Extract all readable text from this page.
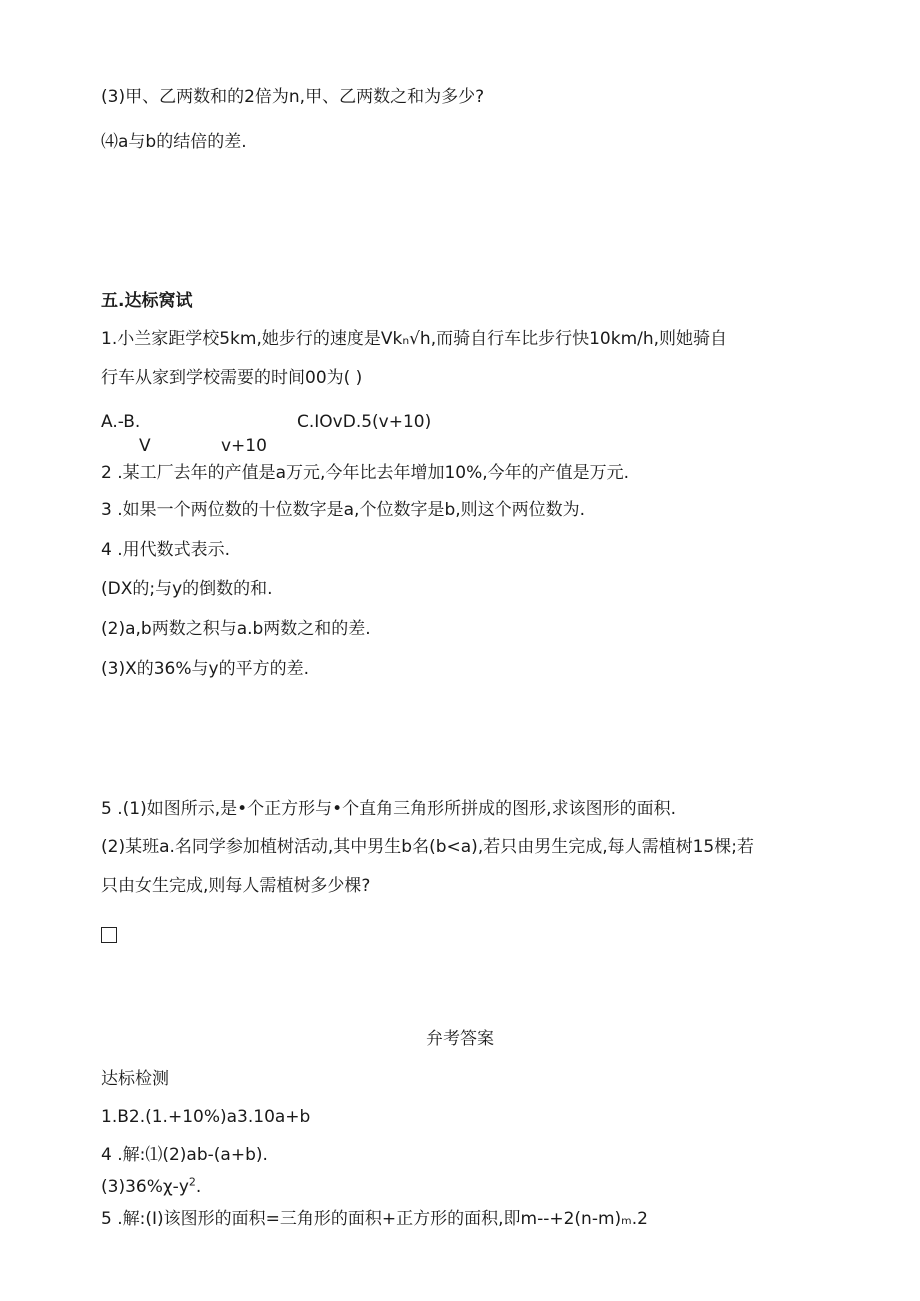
(3)甲、乙两数和的2倍为n,甲、乙两数之和为多少?
⑷a与b的结倍的差.
五.达标窝试
1.小兰家距学校5km,她步行的速度是Vkₙ√h,而骑自行车比步行快10km/h,则她骑自
行车从家到学校需要的时间00为( )
A.-B.	C.IOvD.5(v+10)
V	v+10
2 .某工厂去年的产值是a万元,今年比去年增加10%,今年的产值是万元.
3 .如果一个两位数的十位数字是a,个位数字是b,则这个两位数为.
4 .用代数式表示.
(DX的;与y的倒数的和.
(2)a,b两数之积与a.b两数之和的差.
(3)X的36%与y的平方的差.
5 .(1)如图所示,是•个正方形与•个直角三角形所拼成的图形,求该图形的面积.
(2)某班a.名同学参加植树活动,其中男生b名(b<a),若只由男生完成,每人需植树15棵;若
只由女生完成,则每人需植树多少棵?
弁考答案
达标检测
1.B2.(1.+10%)a3.10a+b
4 .解:⑴(2)ab-(a+b).
$(3)36\%\chi-y^2$.
5 .解:(I)该图形的面积=三角形的面积+正方形的面积,即m--+2(n-m)ₘ.2
